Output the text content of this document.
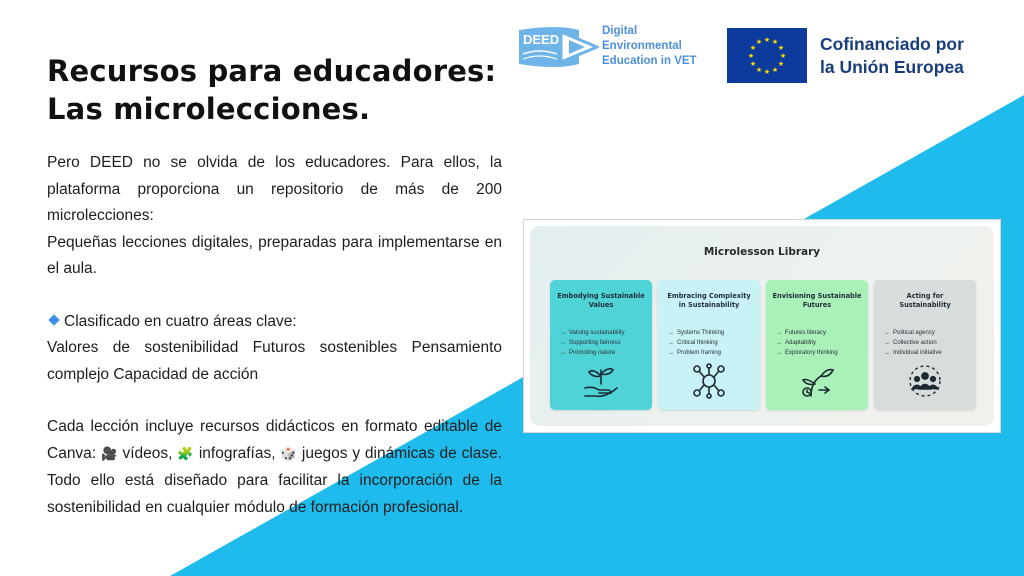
Recursos para educadores:
Las microlecciones.

Pero DEED no se olvida de los educadores. Para ellos, la plataforma proporciona un repositorio de más de 200 microlecciones:

Pequeñas lecciones digitales, preparadas para implementarse en el aula.

Clasificado en cuatro áreas clave:

Valores de sostenibilidad Futuros sostenibles Pensamiento complejo Capacidad de acción

Cada lección incluye recursos didácticos en formato editable de Canva: 🎥 vídeos, 🧩 infografías, 🎲 juegos y dinámicas de clase. Todo ello está diseñado para facilitar la incorporación de la sostenibilidad en cualquier módulo de formación profesional.

DEED
Digital
Environmental
Education in VET
★ ★
★
★
★
★
★
★
★
★
★
★	Cofinanciado por
la Unión Europea
Microlesson Library
Embodying Sustainable Values
→ Valuing sustainability
→ Supporting fairness
→ Promoting nature
Embracing Complexity in Sustainability
→ Systems Thinking
→ Critical thinking
→ Problem framing
Envisioning Sustainable Futures
→ Futures literacy
→ Adaptability
→ Exploratory thinking
Acting for Sustainability
→ Political agency
→ Collective action
→ Individual initiative
